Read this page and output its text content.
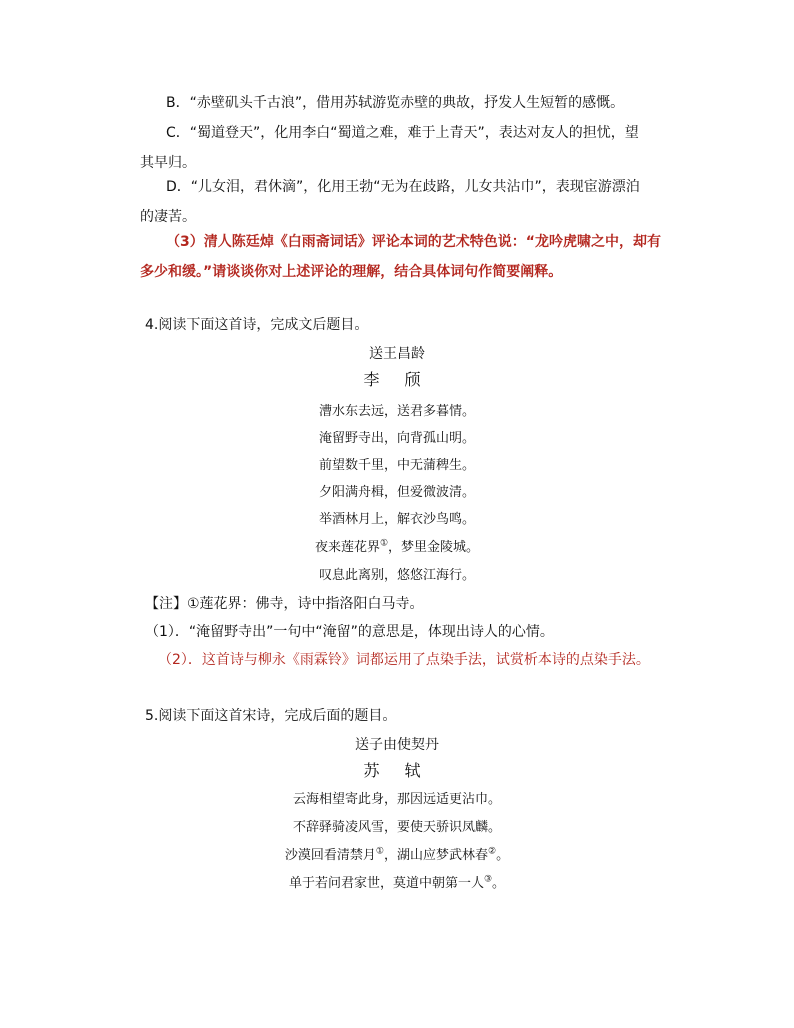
B．“赤壁矶头千古浪”，借用苏轼游览赤壁的典故，抒发人生短暂的感慨。
C．“蜀道登天”，化用李白“蜀道之难，难于上青天”，表达对友人的担忧，望
其早归。
D．“儿女泪，君休滴”，化用王勃“无为在歧路，儿女共沾巾”，表现宦游漂泊
的凄苦。
（3）清人陈廷焯《白雨斋词话》评论本词的艺术特色说：“龙吟虎啸之中，却有
多少和缓。”请谈谈你对上述评论的理解，结合具体词句作简要阐释。
4.阅读下面这首诗，完成文后题目。
送王昌龄
李 颀
漕水东去远，送君多暮情。
淹留野寺出，向背孤山明。
前望数千里，中无蒲稗生。
夕阳满舟楫，但爱微波清。
举酒林月上，解衣沙鸟鸣。
夜来莲花界①，梦里金陵城。
叹息此离别，悠悠江海行。
【注】①莲花界：佛寺，诗中指洛阳白马寺。
（1）．“淹留野寺出”一句中“淹留”的意思是，体现出诗人的心情。
（2）．这首诗与柳永《雨霖铃》词都运用了点染手法，试赏析本诗的点染手法。
5.阅读下面这首宋诗，完成后面的题目。
送子由使契丹
苏 轼
云海相望寄此身，那因远适更沾巾。
不辞驿骑凌风雪，要使天骄识凤麟。
沙漠回看清禁月①，湖山应梦武林春②。
单于若问君家世，莫道中朝第一人③。
